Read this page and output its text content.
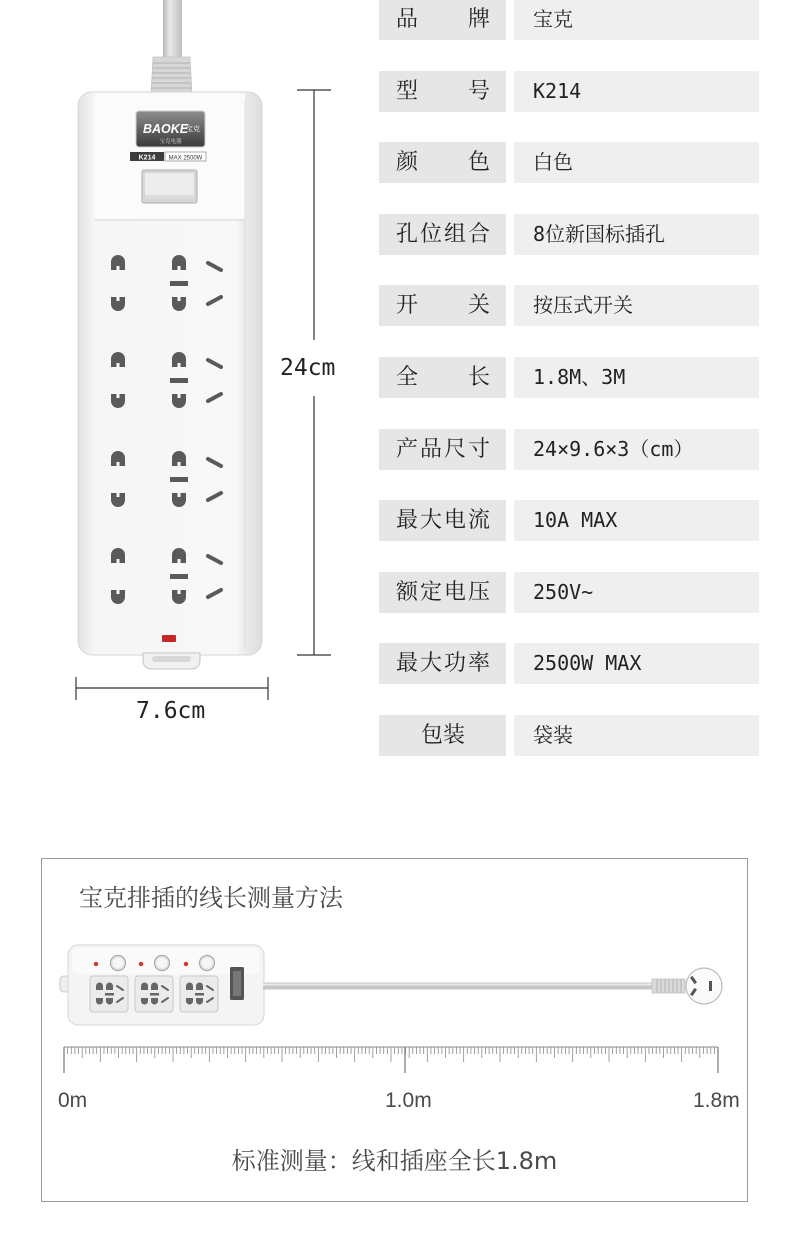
BAOKE
宝克
宝克电器
K214 MAX 2500W
24cm
7.6cm
品牌	宝克
型号	K214
颜色	白色
孔位组合	8位新国标插孔
开关	按压式开关
全长	1.8M、3M
产品尺寸	24×9.6×3（cm）
最大电流	10A MAX
额定电压	250V~
最大功率	2500W MAX
包装	袋装
宝克排插的线长测量方法
0m	1.0m	1.8m
标准测量：线和插座全长1.8m
